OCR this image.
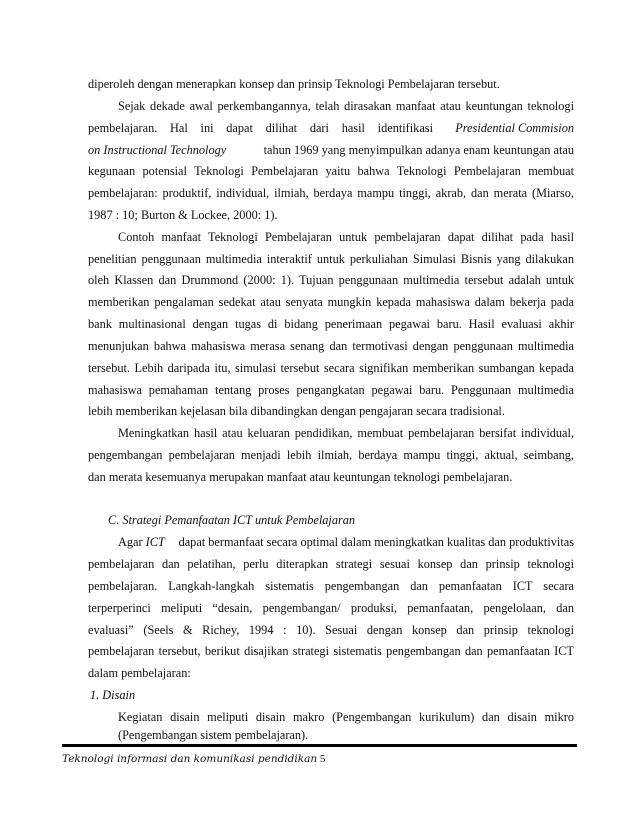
diperoleh dengan menerapkan konsep dan prinsip Teknologi Pembelajaran tersebut.
Sejak dekade awal perkembangannya, telah dirasakan manfaat atau keuntungan teknologi
pembelajaran. Hal ini dapat dilihat dari hasil identifikasi Presidential Commision
on Instructional Technology	tahun 1969 yang menyimpulkan adanya enam keuntungan atau
kegunaan potensial Teknologi Pembelajaran yaitu bahwa Teknologi Pembelajaran membuat
pembelajaran: produktif, individual, ilmiah, berdaya mampu tinggi, akrab, dan merata (Miarso,
1987 : 10; Burton & Lockee, 2000: 1).
Contoh manfaat Teknologi Pembelajaran untuk pembelajaran dapat dilihat pada hasil
penelitian penggunaan multimedia interaktif untuk perkuliahan Simulasi Bisnis yang dilakukan
oleh Klassen dan Drummond (2000: 1). Tujuan penggunaan multimedia tersebut adalah untuk
memberikan pengalaman sedekat atau senyata mungkin kepada mahasiswa dalam bekerja pada
bank multinasional dengan tugas di bidang penerimaan pegawai baru. Hasil evaluasi akhir
menunjukan bahwa mahasiswa merasa senang dan termotivasi dengan penggunaan multimedia
tersebut. Lebih daripada itu, simulasi tersebut secara signifikan memberikan sumbangan kepada
mahasiswa pemahaman tentang proses pengangkatan pegawai baru. Penggunaan multimedia
lebih memberikan kejelasan bila dibandingkan dengan pengajaran secara tradisional.
Meningkatkan hasil atau keluaran pendidikan, membuat pembelajaran bersifat individual,
pengembangan pembelajaran menjadi lebih ilmiah, berdaya mampu tinggi, aktual, seimbang,
dan merata kesemuanya merupakan manfaat atau keuntungan teknologi pembelajaran.
C. Strategi Pemanfaatan ICT untuk Pembelajaran
Agar ICT dapat bermanfaat secara optimal dalam meningkatkan kualitas dan produktivitas
pembelajaran dan pelatihan, perlu diterapkan strategi sesuai konsep dan prinsip teknologi
pembelajaran. Langkah-langkah sistematis pengembangan dan pemanfaatan ICT secara
terperperinci meliputi “desain, pengembangan/ produksi, pemanfaatan, pengelolaan, dan
evaluasi” (Seels & Richey, 1994 : 10). Sesuai dengan konsep dan prinsip teknologi
pembelajaran tersebut, berikut disajikan strategi sistematis pengembangan dan pemanfaatan ICT
dalam pembelajaran:
1. Disain
Kegiatan disain meliputi disain makro (Pengembangan kurikulum) dan disain mikro
(Pengembangan sistem pembelajaran).
Teknologi informasi dan komunikasi pendidikan 5
